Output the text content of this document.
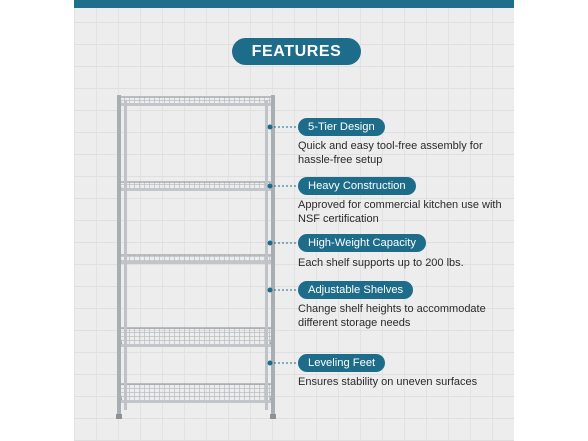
FEATURES
5-Tier Design
Quick and easy tool-free assembly for hassle-free setup
Heavy Construction
Approved for commercial kitchen use with NSF certification
High-Weight Capacity
Each shelf supports up to 200 lbs.
Adjustable Shelves
Change shelf heights to accommodate different storage needs
Leveling Feet
Ensures stability on uneven surfaces
